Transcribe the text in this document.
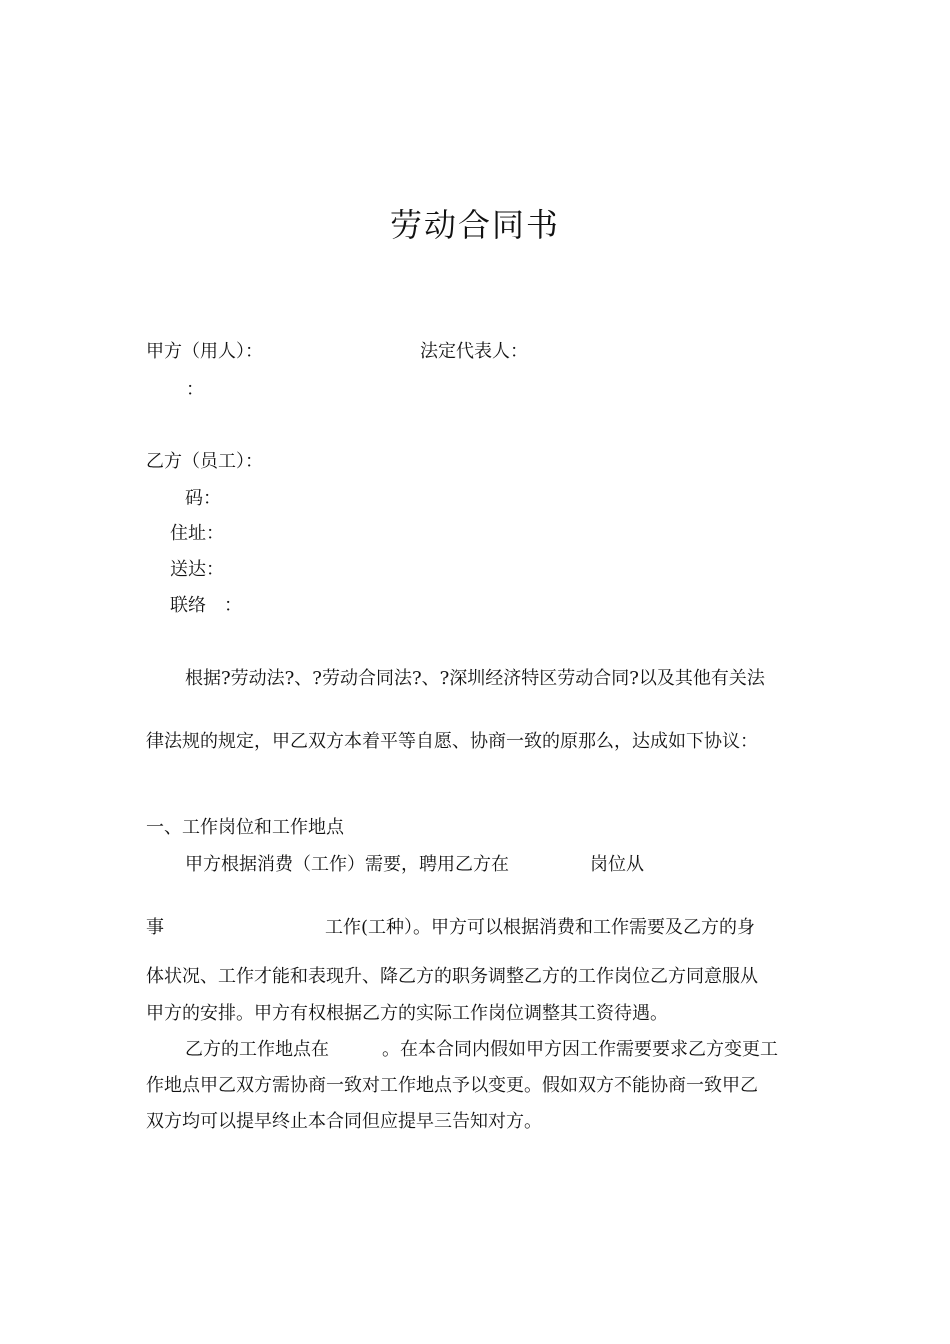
劳动合同书
甲方（用人）：	法定代表人：
：
乙方（员工）：
码：
住址：
送达：
联络　：
根据?劳动法?、?劳动合同法?、?深圳经济特区劳动合同?以及其他有关法
律法规的规定，甲乙双方本着平等自愿、协商一致的原那么，达成如下协议：
一、工作岗位和工作地点
甲方根据消费（工作）需要，聘用乙方在	岗位从
事	工作(工种）。甲方可以根据消费和工作需要及乙方的身
体状况、工作才能和表现升、降乙方的职务调整乙方的工作岗位乙方同意服从
甲方的安排。甲方有权根据乙方的实际工作岗位调整其工资待遇。
乙方的工作地点在	。在本合同内假如甲方因工作需要要求乙方变更工
作地点甲乙双方需协商一致对工作地点予以变更。假如双方不能协商一致甲乙
双方均可以提早终止本合同但应提早三告知对方。
